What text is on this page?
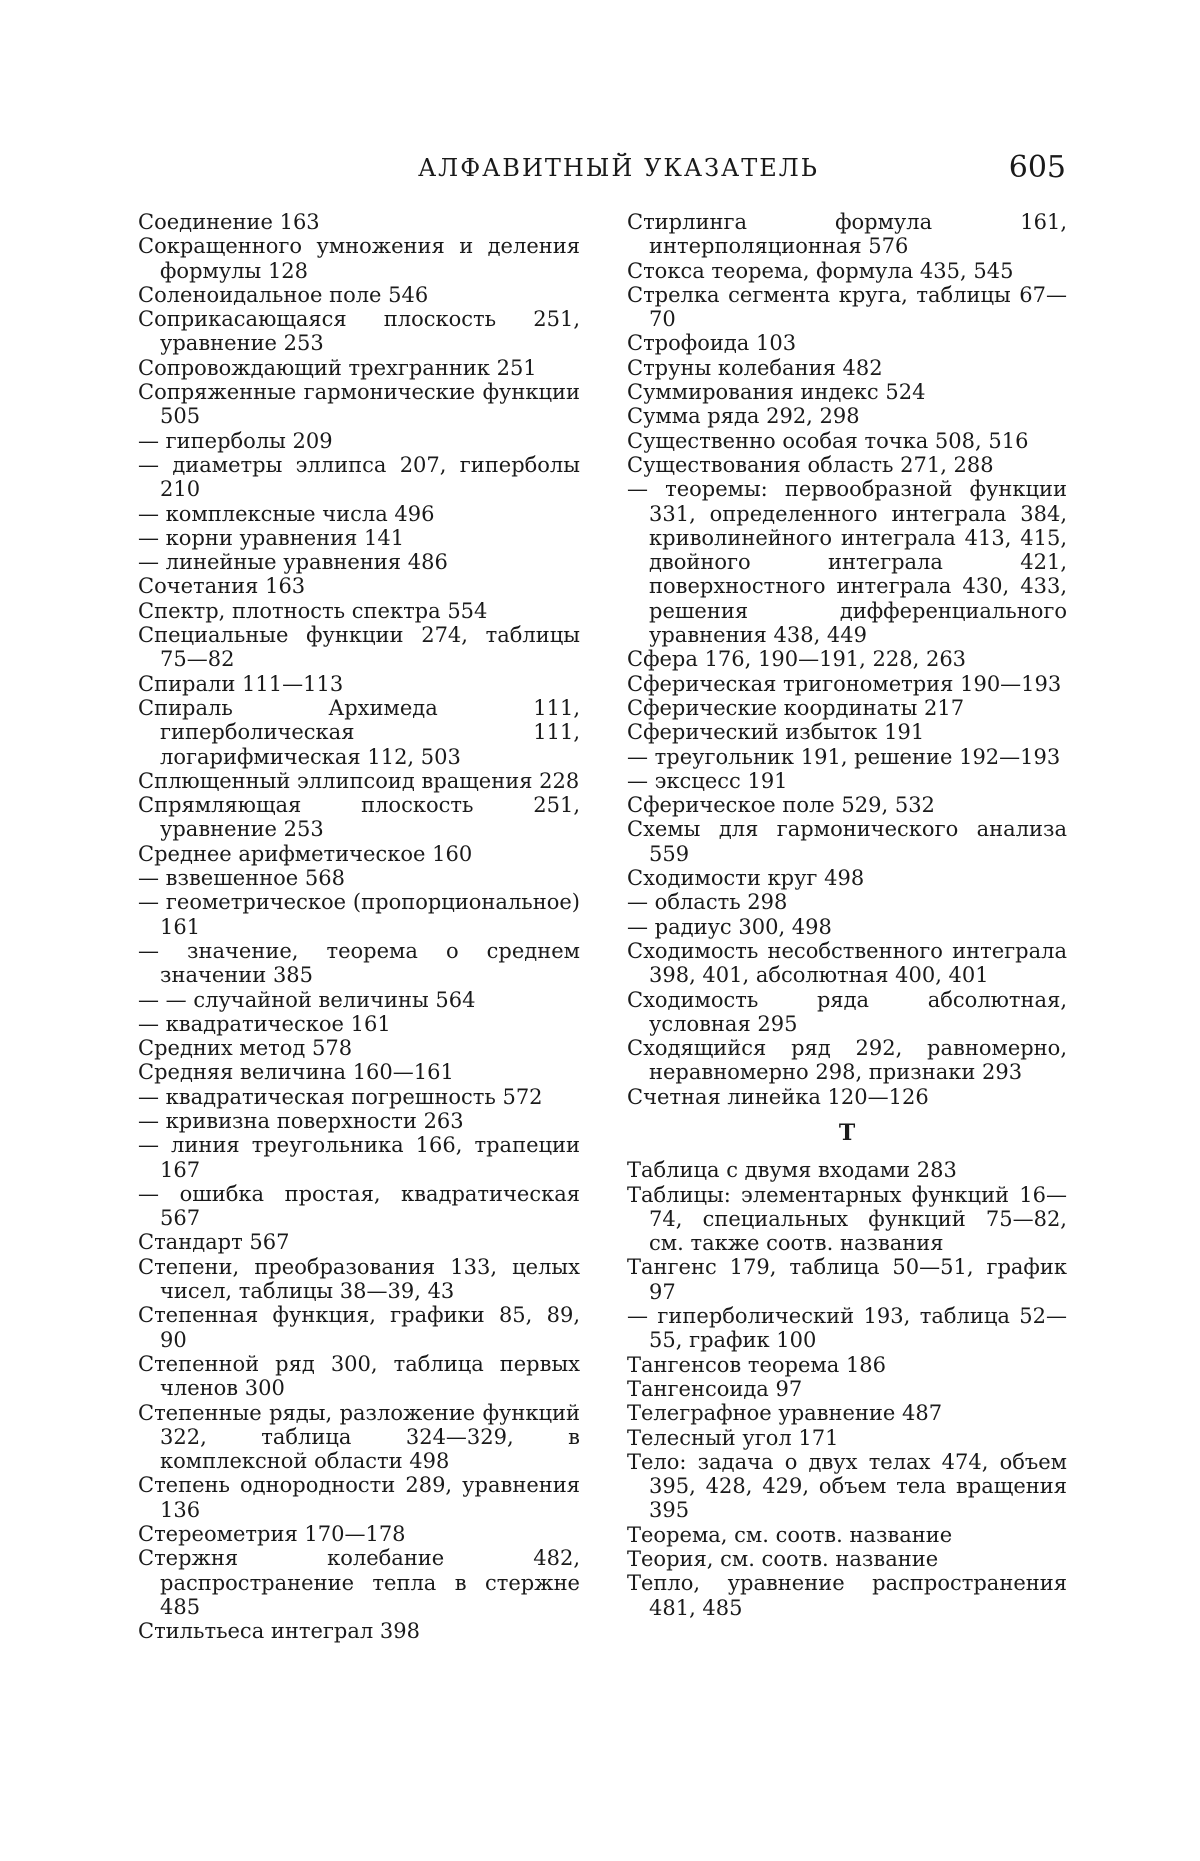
АЛФАВИТНЫЙ УКАЗАТЕЛЬ	605

Соединение 163

Сокращенного умножения и деления формулы 128

Соленоидальное поле 546

Соприкасающаяся плоскость 251, уравнение 253

Сопровождающий трехгранник 251

Сопряженные гармонические функции 505

— гиперболы 209

— диаметры эллипса 207, гиперболы 210

— комплексные числа 496

— корни уравнения 141

— линейные уравнения 486

Сочетания 163

Спектр, плотность спектра 554

Специальные функции 274, таблицы 75—82

Спирали 111—113

Спираль Архимеда 111, гиперболическая 111, логарифмическая 112, 503

Сплющенный эллипсоид вращения 228

Спрямляющая плоскость 251, уравнение 253

Среднее арифметическое 160

— взвешенное 568

— геометрическое (пропорциональное) 161

— значение, теорема о среднем значении 385

— — случайной величины 564

— квадратическое 161

Средних метод 578

Средняя величина 160—161

— квадратическая погрешность 572

— кривизна поверхности 263

— линия треугольника 166, трапеции 167

— ошибка простая, квадратическая 567

Стандарт 567

Степени, преобразования 133, целых чисел, таблицы 38—39, 43

Степенная функция, графики 85, 89, 90

Степенной ряд 300, таблица первых членов 300

Степенные ряды, разложение функций 322, таблица 324—329, в комплексной области 498

Степень однородности 289, уравнения 136

Стереометрия 170—178

Стержня колебание 482, распространение тепла в стержне 485

Стильтьеса интеграл 398

Стирлинга формула 161, интерполяционная 576

Стокса теорема, формула 435, 545

Стрелка сегмента круга, таблицы 67—70

Строфоида 103

Струны колебания 482

Суммирования индекс 524

Сумма ряда 292, 298

Существенно особая точка 508, 516

Существования область 271, 288

— теоремы: первообразной функции 331, определенного интеграла 384, криволинейного интеграла 413, 415, двойного интеграла 421, поверхностного интеграла 430, 433, решения дифференциального уравнения 438, 449

Сфера 176, 190—191, 228, 263

Сферическая тригонометрия 190—193

Сферические координаты 217

Сферический избыток 191

— треугольник 191, решение 192—193

— эксцесс 191

Сферическое поле 529, 532

Схемы для гармонического анализа 559

Сходимости круг 498

— область 298

— радиус 300, 498

Сходимость несобственного интеграла 398, 401, абсолютная 400, 401

Сходимость ряда абсолютная, условная 295

Сходящийся ряд 292, равномерно, неравномерно 298, признаки 293

Счетная линейка 120—126

Т

Таблица с двумя входами 283

Таблицы: элементарных функций 16—74, специальных функций 75—82, см. также соотв. названия

Тангенс 179, таблица 50—51, график 97

— гиперболический 193, таблица 52—55, график 100

Тангенсов теорема 186

Тангенсоида 97

Телеграфное уравнение 487

Телесный угол 171

Тело: задача о двух телах 474, объем 395, 428, 429, объем тела вращения 395

Теорема, см. соотв. название

Теория, см. соотв. название

Тепло, уравнение распространения 481, 485
